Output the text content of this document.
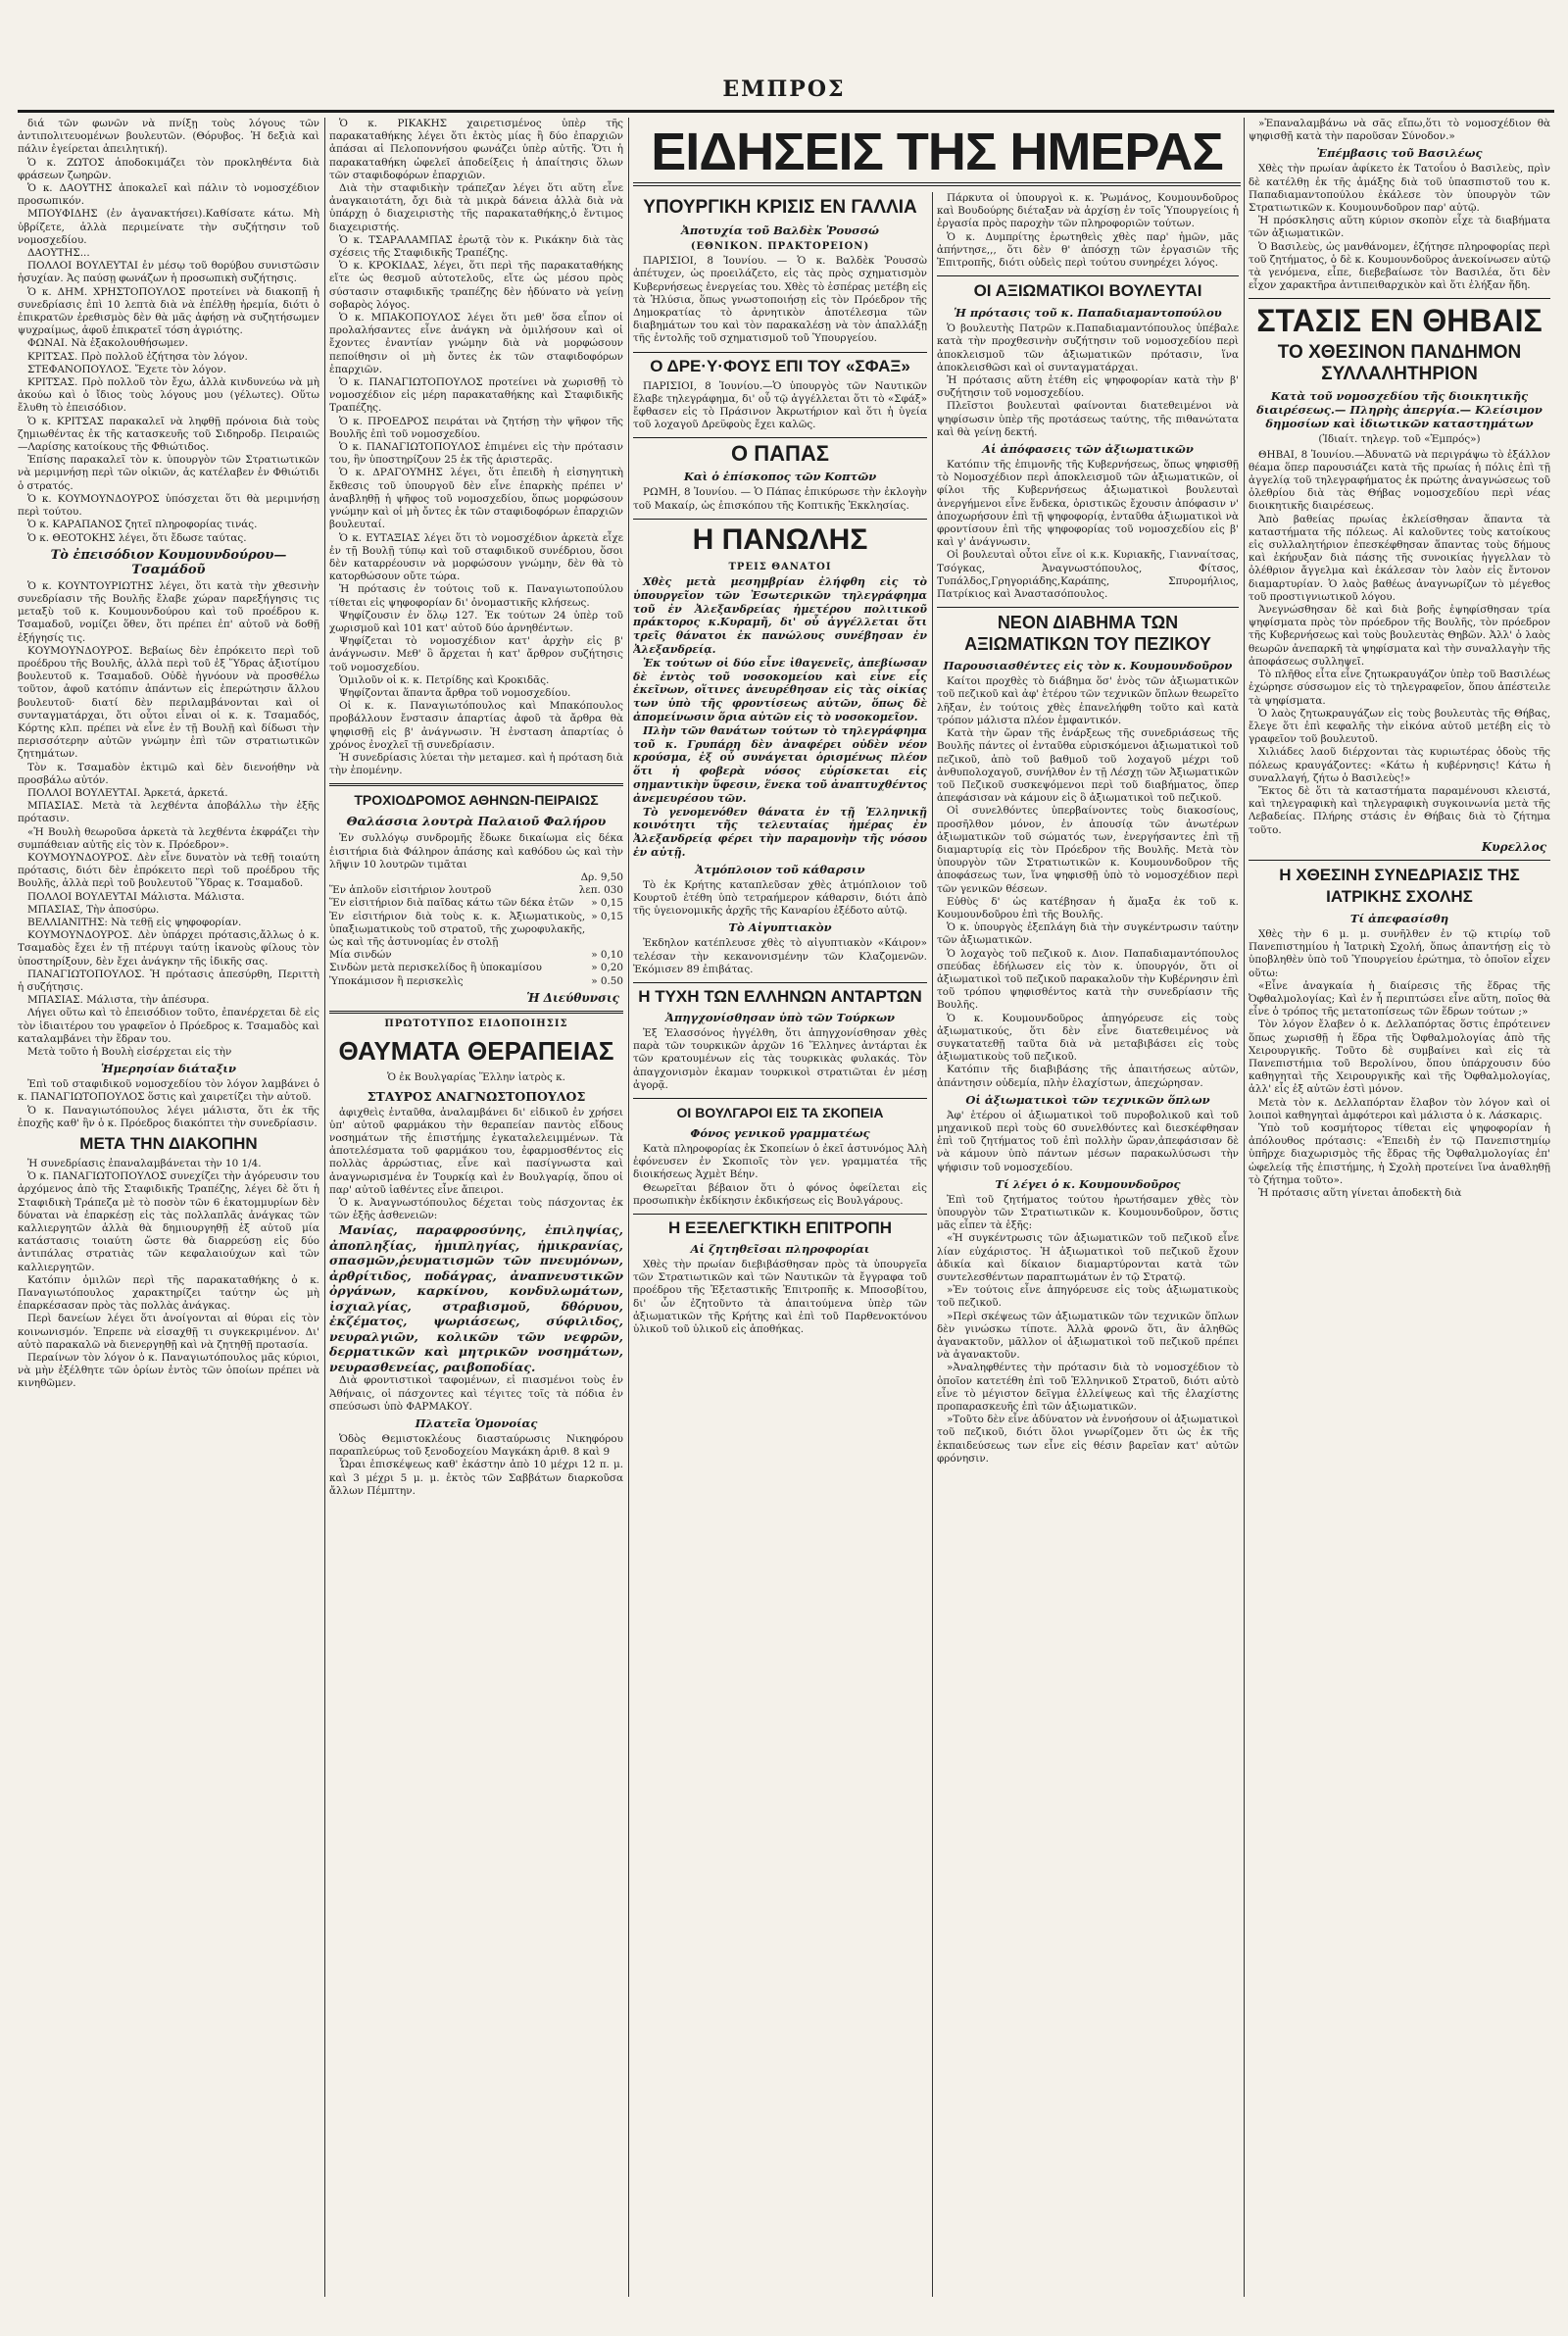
ΕΜΠΡΟΣ

διά τῶν φωνῶν νὰ πνίξῃ τοὺς λόγους τῶν ἀντιπολιτευομένων βουλευτῶν. (Θόρυβος. Ἡ δεξιὰ καὶ πάλιν ἐγείρεται ἀπειλητική).

Ὁ κ. ΖΩΤΟΣ ἀποδοκιμάζει τὸν προκληθέντα διὰ φράσεων ζωηρῶν.

Ὁ κ. ΔΑΟΥΤΗΣ ἀποκαλεῖ καὶ πάλιν τὸ νομοσχέδιον προσωπικόν.

ΜΠΟΥΦΙΔΗΣ (ἐν ἀγανακτήσει).Καθίσατε κάτω. Μὴ ὑβρίζετε, ἀλλὰ περιμείνατε τὴν συζήτησιν τοῦ νομοσχεδίου.

ΔΑΟΥΤΗΣ...

ΠΟΛΛΟΙ ΒΟΥΛΕΥΤΑΙ ἐν μέσῳ τοῦ θορύβου συνιστῶσιν ἡσυχίαν. Ἀς παύσῃ φωνάζων ἡ προσωπικὴ συζήτησις.

Ὁ κ. ΔΗΜ. ΧΡΗΣΤΟΠΟΥΛΟΣ προτείνει νὰ διακοπῇ ἡ συνεδρίασις ἐπὶ 10 λεπτὰ διὰ νὰ ἐπέλθῃ ἠρεμία, διότι ὁ ἐπικρατῶν ἐρεθισμὸς δὲν θὰ μᾶς ἀφήσῃ νὰ συζητήσωμεν ψυχραίμως, ἀφοῦ ἐπικρατεῖ τόση ἀγριότης.

ΦΩΝΑΙ. Νὰ ἐξακολουθήσωμεν.

ΚΡΙΤΣΑΣ. Πρὸ πολλοῦ ἐζήτησα τὸν λόγον.

ΣΤΕΦΑΝΟΠΟΥΛΟΣ. Ἔχετε τὸν λόγον.

ΚΡΙΤΣΑΣ. Πρὸ πολλοῦ τὸν ἔχω, ἀλλὰ κινδυνεύω νὰ μὴ ἀκούω καὶ ὁ ἴδιος τοὺς λόγους μου (γέλωτες). Οὕτω ἔλυθη τὸ ἐπεισόδιον.

Ὁ κ. ΚΡΙΤΣΑΣ παρακαλεῖ νὰ ληφθῇ πρόνοια διὰ τοὺς ζημιωθέντας ἐκ τῆς κατασκευῆς τοῦ Σιδηροδρ. Πειραιῶς—Λαρίσης κατοίκους τῆς Φθιώτιδος.

Ἐπίσης παρακαλεῖ τὸν κ. ὑπουργὸν τῶν Στρατιωτικῶν νὰ μεριμνήσῃ περὶ τῶν οἰκιῶν, ἀς κατέλαβεν ἐν Φθιώτιδι ὁ στρατός.

Ὁ κ. ΚΟΥΜΟΥΝΔΟΥΡΟΣ ὑπόσχεται ὅτι θὰ μεριμνήσῃ περὶ τούτου.

Ὁ κ. ΚΑΡΑΠΑΝΟΣ ζητεῖ πληροφορίας τινάς.

Ὁ κ. ΘΕΟΤΟΚΗΣ λέγει, ὅτι ἔδωσε ταύτας.

Τὸ ἐπεισόδιον Κουμουνδούρου—Τσαμάδοῦ

Ὁ κ. ΚΟΥΝΤΟΥΡΙΩΤΗΣ λέγει, ὅτι κατὰ τὴν χθεσινὴν συνεδρίασιν τῆς Βουλῆς ἔλαβε χώραν παρεξήγησις τις μεταξὺ τοῦ κ. Κουμουνδούρου καὶ τοῦ προέδρου κ. Τσαμαδοῦ, νομίζει ὅθεν, ὅτι πρέπει ἐπ' αὐτοῦ νὰ δοθῇ ἐξήγησίς τις.

ΚΟΥΜΟΥΝΔΟΥΡΟΣ. Βεβαίως δὲν ἐπρόκειτο περὶ τοῦ προέδρου τῆς Βουλῆς, ἀλλὰ περὶ τοῦ ἐξ Ὕδρας ἀξιοτίμου βουλευτοῦ κ. Τσαμαδοῦ. Οὐδὲ ἠγνόουν νὰ προσθέλω τοῦτον, ἀφοῦ κατόπιν ἁπάντων εἰς ἐπερώτησιν ἄλλου βουλευτοῦ· διατί δὲν περιλαμβάνονται καὶ οἱ συνταγματάρχαι, ὅτι οὗτοι εἶναι οἱ κ. κ. Τσαμαδός, Κόρτης κλπ. πρέπει νὰ εἶνε ἐν τῇ Βουλῇ καὶ δίδωσι τὴν περισσότερην αὐτῶν γνώμην ἐπὶ τῶν στρατιωτικῶν ζητημάτων.

Τὸν κ. Τσαμαδὸν ἐκτιμῶ καὶ δὲν διενοήθην νὰ προσβάλω αὐτόν.

ΠΟΛΛΟΙ ΒΟΥΛΕΥΤΑΙ. Ἀρκετά, ἀρκετά.

ΜΠΑΣΙΑΣ. Μετὰ τὰ λεχθέντα ἀποβάλλω τὴν ἐξῆς πρότασιν.

«Ἡ Βουλὴ θεωροῦσα ἀρκετὰ τὰ λεχθέντα ἐκφράζει τὴν συμπάθειαν αὐτῆς εἰς τὸν κ. Πρόεδρον».

ΚΟΥΜΟΥΝΔΟΥΡΟΣ. Δὲν εἶνε δυνατὸν νὰ τεθῇ τοιαύτη πρότασις, διότι δὲν ἐπρόκειτο περὶ τοῦ προέδρου τῆς Βουλῆς, ἀλλὰ περὶ τοῦ βουλευτοῦ Ὕδρας κ. Τσαμαδοῦ.

ΠΟΛΛΟΙ ΒΟΥΛΕΥΤΑΙ Μάλιστα. Μάλιστα.

ΜΠΑΣΙΑΣ, Τὴν ἀποσύρω.

ΒΕΛΛΙΑΝΙΤΗΣ: Νὰ τεθῇ εἰς ψηφοφορίαν.

ΚΟΥΜΟΥΝΔΟΥΡΟΣ. Δὲν ὑπάρχει πρότασις,ἄλλως ὁ κ. Τσαμαδὸς ἔχει ἐν τῇ πτέρυγι ταύτῃ ἱκανοὺς φίλους τὸν ὑποστηρίξουν, δὲν ἔχει ἀνάγκην τῆς ἰδικῆς σας.

ΠΑΝΑΓΙΩΤΟΠΟΥΛΟΣ. Ἡ πρότασις ἀπεσύρθη, Περιττὴ ἡ συζήτησις.

ΜΠΑΣΙΑΣ. Μάλιστα, τὴν ἀπέσυρα.

Λήγει οὕτω καὶ τὸ ἐπεισόδιον τοῦτο, ἐπανέρχεται δὲ εἰς τὸν ἰδιαιτέρου του γραφεῖον ὁ Πρόεδρος κ. Τσαμαδὸς καὶ καταλαμβάνει τὴν ἕδραν του.

Μετὰ τοῦτο ἡ Βουλὴ εἰσέρχεται εἰς τὴν

Ἡμερησίαν διάταξιν

Ἐπὶ τοῦ σταφιδικοῦ νομοσχεδίου τὸν λόγον λαμβάνει ὁ κ. ΠΑΝΑΓΙΩΤΟΠΟΥΛΟΣ ὅστις καὶ χαιρετίζει τὴν αὐτοῦ.

Ὁ κ. Παναγιωτόπουλος λέγει μάλιστα, ὅτι ἐκ τῆς ἐποχῆς καθ' ἣν ὁ κ. Πρόεδρος διακόπτει τὴν συνεδρίασιν.

ΜΕΤΑ ΤΗΝ ΔΙΑΚΟΠΗΝ

Ἡ συνεδρίασις ἐπαναλαμβάνεται τὴν 10 1/4.

Ὁ κ. ΠΑΝΑΓΙΩΤΟΠΟΥΛΟΣ συνεχίζει τὴν ἀγόρευσιν του ἀρχόμενος ἀπὸ τῆς Σταφιδικῆς Τραπέζης, λέγει δὲ ὅτι ἡ Σταφιδικὴ Τράπεζα μὲ τὸ ποσὸν τῶν 6 ἑκατομμυρίων δὲν δύναται νὰ ἐπαρκέσῃ εἰς τὰς πολλαπλᾶς ἀνάγκας τῶν καλλιεργητῶν ἀλλὰ θὰ δημιουργηθῇ ἐξ αὐτοῦ μία κατάστασις τοιαύτη ὥστε θὰ διαρρεύσῃ εἰς δύο ἀντιπάλας στρατιὰς τῶν κεφαλαιούχων καὶ τῶν καλλιεργητῶν.

Κατόπιν ὁμιλῶν περὶ τῆς παρακαταθήκης ὁ κ. Παναγιωτόπουλος χαρακτηρίζει ταύτην ὡς μὴ ἐπαρκέσασαν πρὸς τὰς πολλὰς ἀνάγκας.

Περὶ δανείων λέγει ὅτι ἀνοίγονται αἱ θύραι εἰς τὸν κοινωνισμόν. Ἐπρεπε νὰ εἰσαχθῇ τι συγκεκριμένον. Δι' αὐτὸ παρακαλῶ νὰ διενεργηθῇ καὶ νὰ ζητηθῇ προτασία.

Περαίνων τὸν λόγον ὁ κ. Παναγιωτόπουλος μᾶς κύριοι, νὰ μὴν ἐξέλθητε τῶν ὁρίων ἐντὸς τῶν ὁποίων πρέπει νὰ κινηθῶμεν.

Ὁ κ. ΡΙΚΑΚΗΣ χαιρετισμένος ὑπὲρ τῆς παρακαταθήκης λέγει ὅτι ἐκτὸς μίας ἢ δύο ἐπαρχιῶν ἁπάσαι αἱ Πελοποννήσου φωνάζει ὑπὲρ αὐτῆς. Ὅτι ἡ παρακαταθήκη ὠφελεῖ ἀποδείξεις ἡ ἀπαίτησις ὅλων τῶν σταφιδοφόρων ἐπαρχιῶν.

Διὰ τὴν σταφιδικὴν τράπεζαν λέγει ὅτι αὕτη εἶνε ἀναγκαιοτάτη, ὄχι διὰ τὰ μικρὰ δάνεια ἀλλὰ διὰ νὰ ὑπάρχῃ ὁ διαχειριστὴς τῆς παρακαταθήκης,ὁ ἔντιμος διαχειριστής.

Ὁ κ. ΤΣΑΡΑΛΑΜΠΑΣ ἐρωτᾷ τὸν κ. Ρικάκην διὰ τὰς σχέσεις τῆς Σταφιδικῆς Τραπέζης.

Ὁ κ. ΚΡΟΚΙΔΑΣ, λέγει, ὅτι περὶ τῆς παρακαταθήκης εἴτε ὡς θεσμοῦ αὐτοτελοῦς, εἴτε ὡς μέσου πρὸς σύστασιν σταφιδικῆς τραπέζης δὲν ἠδύνατο νὰ γείνῃ σοβαρὸς λόγος.

Ὁ κ. ΜΠΑΚΟΠΟΥΛΟΣ λέγει ὅτι μεθ' ὅσα εἶπον οἱ προλαλήσαντες εἶνε ἀνάγκη νὰ ὁμιλήσουν καὶ οἱ ἔχοντες ἐναντίαν γνώμην διὰ νὰ μορφώσουν πεποίθησιν οἱ μὴ ὄντες ἐκ τῶν σταφιδοφόρων ἐπαρχιῶν.

Ὁ κ. ΠΑΝΑΓΙΩΤΟΠΟΥΛΟΣ προτείνει νὰ χωρισθῇ τὸ νομοσχέδιον εἰς μέρη παρακαταθήκης καὶ Σταφιδικῆς Τραπέζης.

Ὁ κ. ΠΡΟΕΔΡΟΣ πειράται νὰ ζητήσῃ τὴν ψῆφον τῆς Βουλῆς ἐπὶ τοῦ νομοσχεδίου.

Ὁ κ. ΠΑΝΑΓΙΩΤΟΠΟΥΛΟΣ ἐπιμένει εἰς τὴν πρότασιν του, ἣν ὑποστηρίζουν 25 ἐκ τῆς ἀριστερᾶς.

Ὁ κ. ΔΡΑΓΟΥΜΗΣ λέγει, ὅτι ἐπειδὴ ἡ εἰσηγητικὴ ἔκθεσις τοῦ ὑπουργοῦ δὲν εἶνε ἐπαρκὴς πρέπει ν' ἀναβληθῇ ἡ ψῆφος τοῦ νομοσχεδίου, ὅπως μορφώσουν γνώμην καὶ οἱ μὴ ὄντες ἐκ τῶν σταφιδοφόρων ἐπαρχιῶν βουλευταί.

Ὁ κ. ΕΥΤΑΞΙΑΣ λέγει ὅτι τὸ νομοσχέδιον ἀρκετὰ εἶχε ἐν τῇ Βουλῇ τύπῳ καὶ τοῦ σταφιδικοῦ συνέδριου, ὅσοι δὲν καταρρέουσιν νὰ μορφώσουν γνώμην, δὲν θὰ τὸ κατορθώσουν οὔτε τώρα.

Ἡ πρότασις ἐν τούτοις τοῦ κ. Παναγιωτοπούλου τίθεται εἰς ψηφοφορίαν δι' ὀνομαστικῆς κλήσεως.

Ψηφίζουσιν ἐν ὅλῳ 127. Ἐκ τούτων 24 ὑπὲρ τοῦ χωρισμοῦ καὶ 101 κατ' αὐτοῦ δύο ἀρνηθέντων.

Ψηφίζεται τὸ νομοσχέδιον κατ' ἀρχὴν εἰς β' ἀνάγνωσιν. Μεθ' ὃ ἄρχεται ἡ κατ' ἄρθρον συζήτησις τοῦ νομοσχεδίου.

Ὁμιλοῦν οἱ κ. κ. Πετρίδης καὶ Κροκιδᾶς.

Ψηφίζονται ἅπαντα ἄρθρα τοῦ νομοσχεδίου.

Οἱ κ. κ. Παναγιωτόπουλος καὶ Μπακόπουλος προβάλλουν ἔνστασιν ἀπαρτίας ἀφοῦ τὰ ἄρθρα θὰ ψηφισθῇ εἰς β' ἀνάγνωσιν. Ἡ ἐνσταση ἀπαρτίας ὁ χρόνος ἐνοχλεῖ τῇ συνεδρίασιν.

Ἡ συνεδρίασις λύεται τὴν μεταμεσ. καὶ ἡ πρόταση διὰ τὴν ἐπομένην.

ΤΡΟΧΙΟΔΡΟΜΟΣ ΑΘΗΝΩΝ-ΠΕΙΡΑΙΩΣ
Θαλάσσια λουτρὰ Παλαιοῦ Φαλήρου

Ἐν συλλόγῳ συνδρομῆς ἔδωκε δικαίωμα εἰς δέκα ἐισιτήρια διὰ Φάληρον ἀπάσης καὶ καθόδου ὡς καὶ τὴν λῆψιν 10 λουτρῶν τιμᾶται

Δρ. 9,50
Ἕν ἁπλοῦν εἰσιτήριον λουτροῦ	λεπ. 030
Ἕν εἰσιτήριον διὰ παῖδας κάτω τῶν δέκα ἐτῶν » 0,15
Ἐν εἰσιτήριον διὰ τοὺς κ. κ. Ἀξιωματικοὺς, ὑπαξιωματικοὺς τοῦ στρατοῦ, τῆς χωροφυλακῆς, ὡς καὶ τῆς ἀστυνομίας ἐν στολῇ
» 0,15
Μία σινδών	» 0,10
Σινδὼν μετὰ περισκελίδος ἢ ὑποκαμίσου	» 0,20
Ὑποκάμισον ἢ περισκελὶς	» 0.50
Ἡ Διεύθυνσις
ΠΡΩΤΟΤΥΠΟΣ ΕΙΔΟΠΟΙΗΣΙΣ
ΘΑΥΜΑΤΑ ΘΕΡΑΠΕΙΑΣ
Ὁ ἐκ Βουλγαρίας Ἕλλην ἰατρὸς κ.
ΣΤΑΥΡΟΣ ΑΝΑΓΝΩΣΤΟΠΟΥΛΟΣ

ἀφιχθεὶς ἐνταῦθα, ἀναλαμβάνει δι' εἰδικοῦ ἐν χρήσει ὑπ' αὐτοῦ φαρμάκου τὴν θεραπείαν παντὸς εἴδους νοσημάτων τῆς ἐπιστήμης ἐγκαταλελειμμένων. Τὰ ἀποτελέσματα τοῦ φαρμάκου του, ἐφαρμοσθέντος εἰς πολλὰς ἀρρώστιας, εἶνε καὶ πασίγνωστα καὶ ἀναγνωρισμένα ἐν Τουρκίᾳ καὶ ἐν Βουλγαρίᾳ, ὅπου οἱ παρ' αὐτοῦ ἰαθέντες εἶνε ἄπειροι.

Ὁ κ. Ἀναγνωστόπουλος δέχεται τοὺς πάσχοντας ἐκ τῶν ἑξῆς ἀσθενειῶν:

Μανίας, παραφροσύνης, ἐπιληψίας, ἀποπληξίας, ἡμιπληγίας, ἡμικρανίας, σπασμῶν,ῥευματισμῶν τῶν πνευμόνων, ἀρθρίτιδος, ποδάγρας, ἀναπνευστικῶν ὀργάνων, καρκίνου, κονδυλωμάτων, ἰσχιαλγίας, στραβισμοῦ, δθόρυου, ἐκζέματος, ψωριάσεως, σύφιλιδος, νευραλγιῶν, κολικῶν τῶν νεφρῶν, δερματικῶν καὶ μητρικῶν νοσημάτων, νευρασθενείας, ραιβοποδίας.

Διὰ φροντιστικοὶ ταφομένων, εἰ πιασμένοι τοὺς ἐν Ἀθήναις, οἱ πάσχοντες καὶ τέγιτες τοῖς τὰ πόδια ἐν σπεύσωσι ὑπὸ ΦΑΡΜΑΚΟΥ.

Πλατεῖα Ὁμονοίας

Ὁδὸς Θεμιστοκλέους διασταύρωσις Νικηφόρου παραπλεύρως τοῦ ξενοδοχείου Μαγκάκη ἀριθ. 8 καὶ 9

Ὧραι ἐπισκέψεως καθ' ἑκάστην ἀπὸ 10 μέχρι 12 π. μ. καὶ 3 μέχρι 5 μ. μ. ἐκτὸς τῶν Σαββάτων διαρκοῦσα ἄλλων Πέμπτην.

ΕΙΔΗΣΕΙΣ ΤΗΣ ΗΜΕΡΑΣ
ΥΠΟΥΡΓΙΚΗ ΚΡΙΣΙΣ ΕΝ ΓΑΛΛΙΑ
Ἀποτυχία τοῦ Βαλδὲκ Ῥουσσώ
(ΕΘΝΙΚΟΝ. ΠΡΑΚΤΟΡΕΙΟΝ)

ΠΑΡΙΣΙΟΙ, 8 Ἰουνίου. — Ὁ κ. Βαλδὲκ Ῥουσσὼ ἀπέτυχεν, ὡς προειλάζετο, εἰς τὰς πρὸς σχηματισμὸν Κυβερνήσεως ἐνεργείας του. Χθὲς τὸ ἑσπέρας μετέβη εἰς τὰ Ἠλύσια, ὅπως γνωστοποιήσῃ εἰς τὸν Πρόεδρον τῆς Δημοκρατίας τὸ ἀρνητικὸν ἀποτέλεσμα τῶν διαβημάτων του καὶ τὸν παρακαλέσῃ νὰ τὸν ἀπαλλάξῃ τῆς ἐντολῆς τοῦ σχηματισμοῦ τοῦ Ὑπουργείου.

Ο ΔΡΕ·Υ·ΦΟΥΣ ΕΠΙ ΤΟΥ «ΣΦΑΞ»

ΠΑΡΙΣΙΟΙ, 8 Ἰουνίου.—Ὁ ὑπουργὸς τῶν Ναυτικῶν ἔλαβε τηλεγράφημα, δι' οὗ τῷ ἀγγέλλεται ὅτι τὸ «Σφάξ» ἔφθασεν εἰς τὸ Πράσινον Ἀκρωτήριον καὶ ὅτι ἡ ὑγεία τοῦ λοχαγοῦ Δρεϋφοὺς ἔχει καλῶς.

Ο ΠΑΠΑΣ
Καὶ ὁ ἐπίσκοπος τῶν Κοπτῶν

ΡΩΜΗ, 8 Ἰουνίου. — Ὁ Πάπας ἐπικύρωσε τὴν ἐκλογὴν τοῦ Μακαίρ, ὡς ἐπισκόπου τῆς Κοπτικῆς Ἐκκλησίας.

Η ΠΑΝΩΛΗΣ
ΤΡΕΙΣ ΘΑΝΑΤΟΙ

Χθὲς μετὰ μεσημβρίαν ἐλήφθη εἰς τὸ ὑπουργεῖον τῶν Ἐσωτερικῶν τηλεγράφημα τοῦ ἐν Ἀλεξανδρείας ἡμετέρου πολιτικοῦ πράκτορος κ.Κυραμῆ, δι' οὗ ἀγγέλλεται ὅτι τρεῖς θάνατοι ἐκ πανώλους συνέβησαν ἐν Ἀλεξανδρείᾳ.

Ἐκ τούτων οἱ δύο εἶνε ἰθαγενεῖς, ἀπεβίωσαν δὲ ἐντὸς τοῦ νοσοκομείου καὶ εἶνε εἷς ἐκεῖνων, οἵτινες ἀνευρέθησαν εἰς τὰς οἰκίας των ὑπὸ τῆς φροντίσεως αὐτῶν, ὅπως δὲ ἀπομείνωσιν ὅρια αὐτῶν εἰς τὸ νοσοκομεῖον.

Πλὴν τῶν θανάτων τούτων τὸ τηλεγράφημα τοῦ κ. Γρυπάρη δὲν ἀναφέρει οὐδὲν νέον κρούσμα, ἐξ οὗ συνάγεται ὁρισμένως πλέον ὅτι ἡ φοβερὰ νόσος εὑρίσκεται εἰς σημαντικὴν ὕφεσιν, ἕνεκα τοῦ ἀναπτυχθέντος ἀνεμευρέσου τῶν.

Τὸ γενομενόθεν θάνατα ἐν τῇ Ἑλληνικῇ κοινότητι τῆς τελευταίας ἡμέρας ἐν Ἀλεξανδρείᾳ φέρει τὴν παραμονὴν τῆς νόσου ἐν αὐτῇ.

Ἀτμόπλοιον τοῦ κάθαρσιν

Τὸ ἐκ Κρήτης καταπλεῦσαν χθὲς ἀτμόπλοιον τοῦ Κουρτοῦ ἐτέθη ὑπὸ τετραήμερον κάθαρσιν, διότι ἀπὸ τῆς ὑγειονομικῆς ἀρχῆς τῆς Καναρίου ἐξέδοτο αὐτῷ.

Τὸ Αἰγυπτιακὸν

Ἐκδηλον κατέπλευσε χθὲς τὸ αἰγυπτιακὸν «Κάιρον» τελέσαν τὴν κεκανονισμένην τῶν Κλαζομενῶν. Ἐκόμισεν 89 ἐπιβάτας.

Η ΤΥΧΗ ΤΩΝ ΕΛΛΗΝΩΝ ΑΝΤΑΡΤΩΝ
Ἀπηγχονίσθησαν ὑπὸ τῶν Τούρκων

Ἐξ Ἐλασσόνος ἠγγέλθη, ὅτι ἀπηγχονίσθησαν χθὲς παρὰ τῶν τουρκικῶν ἀρχῶν 16 Ἕλληνες ἀντάρται ἐκ τῶν κρατουμένων εἰς τὰς τουρκικὰς φυλακάς. Τὸν ἀπαγχονισμὸν ἐκαμαν τουρκικοὶ στρατιῶται ἐν μέσῃ ἀγορᾷ.

ΟΙ ΒΟΥΛΓΑΡΟΙ ΕΙΣ ΤΑ ΣΚΟΠΕΙΑ
Φόνος γενικοῦ γραμματέως

Κατὰ πληροφορίας ἐκ Σκοπείων ὁ ἐκεῖ ἀστυνόμος Ἀλὴ ἐφόνευσεν ἐν Σκοπιοῖς τὸν γεν. γραμματέα τῆς διοικήσεως Ἀχμὲτ Βέην.

Θεωρεῖται βέβαιον ὅτι ὁ φόνος ὀφείλεται εἰς προσωπικὴν ἐκδίκησιν ἐκδικήσεως εἰς Βουλγάρους.

Η ΕΞΕΛΕΓΚΤΙΚΗ ΕΠΙΤΡΟΠΗ
Αἱ ζητηθεῖσαι πληροφορίαι

Χθὲς τὴν πρωίαν διεβιβάσθησαν πρὸς τὰ ὑπουργεῖα τῶν Στρατιωτικῶν καὶ τῶν Ναυτικῶν τὰ ἔγγραφα τοῦ προέδρου τῆς Ἐξεταστικῆς Ἐπιτροπῆς κ. Μποσοβίτου, δι' ὧν ἐζητοῦντο τὰ ἀπαιτούμενα ὑπὲρ τῶν ἀξιωματικῶν τῆς Κρήτης καὶ ἐπὶ τοῦ Παρθενοκτόνου ὑλικοῦ τοῦ ὑλικοῦ εἰς ἀποθήκας.

Πάρκυτα οἱ ὑπουργοὶ κ. κ. Ῥωμάνος, Κουμουνδοῦρος καὶ Βουδούρης διέταξαν νὰ ἀρχίσῃ ἐν τοῖς Ὑπουργείοις ἡ ἐργασία πρὸς παροχὴν τῶν πληροφοριῶν τούτων.

Ὁ κ. Δυμπρίτης ἐρωτηθεὶς χθὲς παρ' ἡμῶν, μᾶς ἀπήντησε,,, ὅτι δὲν θ' ἀπόσχῃ τῶν ἐργασιῶν τῆς Ἐπιτροπῆς, διότι οὐδεὶς περὶ τούτου συνηρέχει λόγος.

ΟΙ ΑΞΙΩΜΑΤΙΚΟΙ ΒΟΥΛΕΥΤΑΙ
Ἡ πρότασις τοῦ κ. Παπαδιαμαντοπούλου

Ὁ βουλευτὴς Πατρῶν κ.Παπαδιαμαντόπουλος ὑπέβαλε κατὰ τὴν προχθεσινὴν συζήτησιν τοῦ νομοσχεδίου περὶ ἀποκλεισμοῦ τῶν ἀξιωματικῶν πρότασιν, ἵνα ἀποκλεισθῶσι καὶ οἱ συνταγματάρχαι.

Ἡ πρότασις αὕτη ἐτέθη εἰς ψηφοφορίαν κατὰ τὴν β' συζήτησιν τοῦ νομοσχεδίου.

Πλεῖστοι βουλευταὶ φαίνονται διατεθειμένοι νὰ ψηφίσωσιν ὑπὲρ τῆς προτάσεως ταύτης, τῆς πιθανώτατα καὶ θὰ γείνῃ δεκτή.

Αἱ ἀπόφασεις τῶν ἀξιωματικῶν

Κατόπιν τῆς ἐπιμονῆς τῆς Κυβερνήσεως, ὅπως ψηφισθῇ τὸ Νομοσχέδιον περὶ ἀποκλεισμοῦ τῶν ἀξιωματικῶν, οἱ φίλοι τῆς Κυβερνήσεως ἀξιωματικοὶ βουλευταὶ ἀνεργήμενοι εἶνε ἕνδεκα, ὁριστικῶς ἔχουσιν ἀπόφασιν ν' ἀποχωρήσουν ἐπὶ τῇ ψηφοφορίᾳ, ἐνταῦθα ἀξιωματικοὶ νὰ φροντίσουν ἐπὶ τῆς ψηφοφορίας τοῦ νομοσχεδίου εἰς β' καὶ γ' ἀνάγνωσιν.

Οἱ βουλευταὶ οὗτοι εἶνε οἱ κ.κ. Κυριακῆς, Γιανναίτσας, Τσόγκας, Ἀναγνωστόπουλος, Φίτσος, Τυπάλδος,Γρηγοριάδης,Καράπης, Σπυρομήλιος, Πατρίκιος καὶ Ἀναστασόπουλος.

ΝΕΟΝ ΔΙΑΒΗΜΑ ΤΩΝ ΑΞΙΩΜΑΤΙΚΩΝ ΤΟΥ ΠΕΖΙΚΟΥ
Παρουσιασθέντες εἰς τὸν κ. Κουμουνδοῦρον

Καίτοι προχθὲς τὸ διάβημα ὅσ' ἑνὸς τῶν ἀξιωματικῶν τοῦ πεζικοῦ καὶ ἀφ' ἑτέρου τῶν τεχνικῶν ὅπλων θεωρεῖτο λῆξαν, ἐν τούτοις χθὲς ἐπανελήφθη τοῦτο καὶ κατὰ τρόπον μάλιστα πλέον ἐμφαντικόν.

Κατὰ τὴν ὥραν τῆς ἐνάρξεως τῆς συνεδριάσεως τῆς Βουλῆς πάντες οἱ ἐνταῦθα εὑρισκόμενοι ἀξιωματικοὶ τοῦ πεζικοῦ, ἀπὸ τοῦ βαθμοῦ τοῦ λοχαγοῦ μέχρι τοῦ ἀνθυπολοχαγοῦ, συνήλθον ἐν τῇ Λέσχῃ τῶν Ἀξιωματικῶν τοῦ Πεζικοῦ συσκεψόμενοι περὶ τοῦ διαβήματος, ὅπερ ἀπεφάσισαν νὰ κάμουν εἰς ὃ ἀξιωματικοὶ τοῦ πεζικοῦ.

Οἱ συνελθόντες ὑπερβαίνοντες τοὺς διακοσίους, προσῆλθον μόνον, ἐν ἀπουσίᾳ τῶν ἀνωτέρων ἀξιωματικῶν τοῦ σώματός των, ἐνεργήσαντες ἐπὶ τῇ διαμαρτυρίᾳ εἰς τὸν Πρόεδρον τῆς Βουλῆς. Μετὰ τὸν ὑπουργὸν τῶν Στρατιωτικῶν κ. Κουμουνδοῦρον τῆς ἀποφάσεως των, ἵνα ψηφισθῇ ὑπὸ τὸ νομοσχέδιον περὶ τῶν γενικῶν θέσεων.

Εὐθὺς δ' ὡς κατέβησαν ἡ ἄμαξα ἐκ τοῦ κ. Κουμουνδοῦρου ἐπὶ τῆς Βουλῆς.

Ὁ κ. ὑπουργὸς ἐξεπλάγη διὰ τὴν συγκέντρωσιν ταύτην τῶν ἀξιωματικῶν.

Ὁ λοχαγὸς τοῦ πεζικοῦ κ. Διον. Παπαδιαμαντόπουλος σπεύδας ἐδήλωσεν εἰς τὸν κ. ὑπουργόν, ὅτι οἱ ἀξιωματικοὶ τοῦ πεζικοῦ παρακαλοῦν τὴν Κυβέρνησιν ἐπὶ τοῦ τρόπου ψηφισθέντος κατὰ τὴν συνεδρίασιν τῆς Βουλῆς.

Ὁ κ. Κουμουνδοῦρος ἀπηγόρευσε εἰς τοὺς ἀξιωματικούς, ὅτι δὲν εἶνε διατεθειμένος νὰ συγκατατεθῇ ταῦτα διὰ νὰ μεταβιβάσει εἰς τοὺς ἀξιωματικοὺς τοῦ πεζικοῦ.

Κατόπιν τῆς διαβιβάσης τῆς ἀπαιτήσεως αὐτῶν, ἀπάντησιν οὐδεμία, πλὴν ἐλαχίστων, ἀπεχώρησαν.

Οἱ ἀξιωματικοὶ τῶν τεχνικῶν ὅπλων

Ἀφ' ἑτέρου οἱ ἀξιωματικοὶ τοῦ πυροβολικοῦ καὶ τοῦ μηχανικοῦ περὶ τοὺς 60 συνελθόντες καὶ διεσκέφθησαν ἐπὶ τοῦ ζητήματος τοῦ ἐπὶ πολλὴν ὥραν,ἀπεφάσισαν δὲ νὰ κάμουν ὑπὸ πάντων μέσων παρακωλύσωσι τὴν ψήφισιν τοῦ νομοσχεδίου.

Τί λέγει ὁ κ. Κουμουνδοῦρος

Ἐπὶ τοῦ ζητήματος τούτου ἠρωτήσαμεν χθὲς τὸν ὑπουργὸν τῶν Στρατιωτικῶν κ. Κουμουνδοῦρον, ὅστις μᾶς εἶπεν τὰ ἑξῆς:

«Ἡ συγκέντρωσις τῶν ἀξιωματικῶν τοῦ πεζικοῦ εἶνε λίαν εὐχάριστος. Ἡ ἀξιωματικοὶ τοῦ πεζικοῦ ἔχουν ἀδικία καὶ δίκαιον διαμαρτύρονται κατὰ τῶν συντελεσθέντων παραπτωμάτων ἐν τῷ Στρατῷ.

»Ἐν τούτοις εἶνε ἀπηγόρευσε εἰς τοὺς ἀξιωματικοὺς τοῦ πεζικοῦ.

»Περὶ σκέψεως τῶν ἀξιωματικῶν τῶν τεχνικῶν ὅπλων δὲν γινώσκω τίποτε. Ἀλλὰ φρονῶ ὅτι, ἂν ἀληθῶς ἀγανακτοῦν, μᾶλλον οἱ ἀξιωματικοὶ τοῦ πεζικοῦ πρέπει νὰ ἀγανακτοῦν.

»Ἀναληφθέντες τὴν πρότασιν διὰ τὸ νομοσχέδιον τὸ ὁποῖον κατετέθη ἐπὶ τοῦ Ἑλληνικοῦ Στρατοῦ, διότι αὐτὸ εἶνε τὸ μέγιστον δεῖγμα ἐλλείψεως καὶ τῆς ἐλαχίστης προπαρασκευῆς ἐπὶ τῶν ἀξιωματικῶν.

»Τοῦτο δὲν εἶνε ἀδύνατον νὰ ἐννοήσουν οἱ ἀξιωματικοὶ τοῦ πεζικοῦ, διότι ὅλοι γνωρίζομεν ὅτι ὡς ἐκ τῆς ἐκπαιδεύσεως των εἶνε εἰς θέσιν βαρεῖαν κατ' αὐτῶν φρόνησιν.

»Ἐπαναλαμβάνω νὰ σᾶς εἴπω,ὅτι τὸ νομοσχέδιον θὰ ψηφισθῇ κατὰ τὴν παροῦσαν Σύνοδον.»

Ἐπέμβασις τοῦ Βασιλέως

Χθὲς τὴν πρωίαν ἀφίκετο ἐκ Τατοΐου ὁ Βασιλεὺς, πρὶν δὲ κατέλθῃ ἐκ τῆς ἁμάξης διὰ τοῦ ὑπασπιστοῦ του κ. Παπαδιαμαντοπούλου ἐκάλεσε τὸν ὑπουργὸν τῶν Στρατιωτικῶν κ. Κουμουνδοῦρον παρ' αὐτῷ.

Ἡ πρόσκλησις αὕτη κύριον σκοπὸν εἶχε τὰ διαβήματα τῶν ἀξιωματικῶν.

Ὁ Βασιλεὺς, ὡς μανθάνομεν, ἐζήτησε πληροφορίας περὶ τοῦ ζητήματος, ὁ δὲ κ. Κουμουνδοῦρος ἀνεκοίνωσεν αὐτῷ τὰ γενόμενα, εἶπε, διεβεβαίωσε τὸν Βασιλέα, ὅτι δὲν εἶχον χαρακτῆρα ἀντιπειθαρχικὸν καὶ ὅτι ἐλήξαν ἤδη.

ΣΤΑΣΙΣ ΕΝ ΘΗΒΑΙΣ
ΤΟ ΧΘΕΣΙΝΟΝ ΠΑΝΔΗΜΟΝ ΣΥΛΛΑΛΗΤΗΡΙΟΝ
Κατὰ τοῦ νομοσχεδίου τῆς διοικητικῆς διαιρέσεως.— Πληρὴς ἀπεργία.— Κλείσιμον δημοσίων καὶ ἰδιωτικῶν καταστημάτων
(Ἰδιαίτ. τηλεγρ. τοῦ «Ἐμπρός»)

ΘΗΒΑΙ, 8 Ἰουνίου.—Ἀδυνατῶ νὰ περιγράψω τὸ ἐξάλλον θέαμα ὅπερ παρουσιάζει κατὰ τῆς πρωίας ἡ πόλις ἐπὶ τῇ ἀγγελίᾳ τοῦ τηλεγραφήματος ἐκ πρώτης ἀναγνώσεως τοῦ ὀλεθρίου διὰ τὰς Θήβας νομοσχεδίου περὶ νέας διοικητικῆς διαιρέσεως.

Ἀπὸ βαθείας πρωίας ἐκλείσθησαν ἅπαντα τὰ καταστήματα τῆς πόλεως. Αἱ καλοῦντες τοὺς κατοίκους εἰς συλλαλητήριον ἐπεσκέφθησαν ἅπαντας τοὺς δήμους καὶ ἐκήρυξαν διὰ πάσης τῆς συνοικίας ἠγγελλαν τὸ ὀλέθριον ἄγγελμα καὶ ἐκάλεσαν τὸν λαὸν εἰς ἔντονον διαμαρτυρίαν. Ὁ λαὸς βαθέως ἀναγνωρίζων τὸ μέγεθος τοῦ προστιγνιωτικοῦ λόγου.

Ἀνεγνώσθησαν δὲ καὶ διὰ βοῆς ἐψηφίσθησαν τρία ψηφίσματα πρὸς τὸν πρόεδρον τῆς Βουλῆς, τὸν πρόεδρον τῆς Κυβερνήσεως καὶ τοὺς βουλευτὰς Θηβῶν. Ἀλλ' ὁ λαὸς θεωρῶν ἀνεπαρκῆ τὰ ψηφίσματα καὶ τὴν συναλλαγὴν τῆς ἀποφάσεως συλληψεῖ.

Τὸ πλῆθος εἶτα εἶνε ζητωκραυγάζον ὑπὲρ τοῦ Βασιλέως ἐχώρησε σύσσωμον εἰς τὸ τηλεγραφεῖον, ὅπου ἀπέστειλε τὰ ψηφίσματα.

Ὁ λαὸς ζητωκραυγάζων εἰς τοὺς βουλευτὰς τῆς Θήβας, ἔλεγε ὅτι ἐπὶ κεφαλῆς τὴν εἰκόνα αὐτοῦ μετέβη εἰς τὸ γραφεῖον τοῦ βουλευτοῦ.

Χιλιάδες λαοῦ διέρχονται τὰς κυριωτέρας ὁδοὺς τῆς πόλεως κραυγάζοντες: «Κάτω ἡ κυβέρνησις! Κάτω ἡ συναλλαγή, ζήτω ὁ Βασιλεὺς!»

Ἔκτος δὲ ὅτι τὰ καταστήματα παραμένουσι κλειστά, καὶ τηλεγραφικὴ καὶ τηλεγραφικὴ συγκοινωνία μετὰ τῆς Λεβαδείας. Πλήρης στάσις ἐν Θήβαις διὰ τὸ ζήτημα τοῦτο.

Κυρελλος
Η ΧΘΕΣΙΝΗ ΣΥΝΕΔΡΙΑΣΙΣ ΤΗΣ ΙΑΤΡΙΚΗΣ ΣΧΟΛΗΣ
Τί ἀπεφασίσθη

Χθὲς τὴν 6 μ. μ. συνῆλθεν ἐν τῷ κτιρίῳ τοῦ Πανεπιστημίου ἡ Ἰατρικὴ Σχολή, ὅπως ἀπαντήσῃ εἰς τὸ ὑποβληθὲν ὑπὸ τοῦ Ὑπουργείου ἐρώτημα, τὸ ὁποῖον εἶχεν οὕτω:

«Εἶνε ἀναγκαία ἡ διαίρεσις τῆς ἕδρας τῆς Ὀφθαλμολογίας; Καὶ ἐν ἧ περιπτώσει εἶνε αὕτη, ποῖος θὰ εἶνε ὁ τρόπος τῆς μετατοπίσεως τῶν ἕδρων τούτων ;»

Τὸν λόγον ἔλαβεν ὁ κ. Δελλαπόρτας ὅστις ἐπρότεινεν ὅπως χωρισθῇ ἡ ἕδρα τῆς Ὀφθαλμολογίας ἀπὸ τῆς Χειρουργικῆς. Τοῦτο δὲ συμβαίνει καὶ εἰς τὰ Πανεπιστήμια τοῦ Βερολίνου, ὅπου ὑπάρχουσιν δύο καθηγηταὶ τῆς Χειρουργικῆς καὶ τῆς Ὀφθαλμολογίας, ἀλλ' εἷς ἐξ αὐτῶν ἐστὶ μόνον.

Μετὰ τὸν κ. Δελλαπόρταν ἔλαβον τὸν λόγον καὶ οἱ λοιποὶ καθηγηταὶ ἀμφότεροι καὶ μάλιστα ὁ κ. Λάσκαρις.

Ὑπὸ τοῦ κοσμήτορος τίθεται εἰς ψηφοφορίαν ἡ ἀπόλουθος πρότασις: «Ἐπειδὴ ἐν τῷ Πανεπιστημίῳ ὑπῆρχε διαχωρισμὸς τῆς ἕδρας τῆς Ὀφθαλμολογίας ἐπ' ὠφελείᾳ τῆς ἐπιστήμης, ἡ Σχολὴ προτείνει ἵνα ἀναθληθῇ τὸ ζήτημα τοῦτο».

Ἡ πρότασις αὕτη γίνεται ἀποδεκτὴ διὰ
